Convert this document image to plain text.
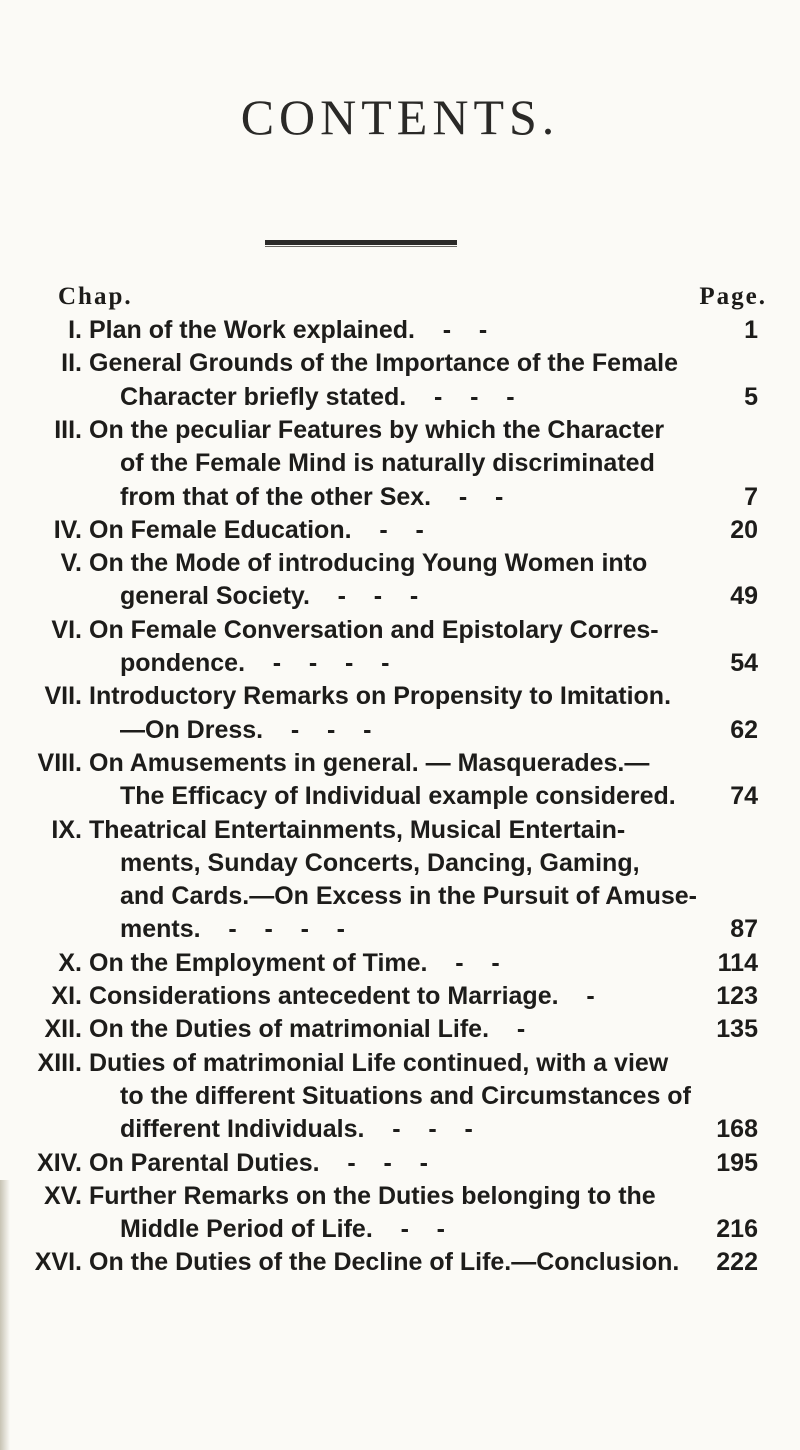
CONTENTS.
Chap.	Page.
I. Plan of the Work explained.    -    -	1
II. General Grounds of the Importance of the Female
Character briefly stated.    -    -    -	5
III. On the peculiar Features by which the Character
of the Female Mind is naturally discriminated
from that of the other Sex.    -    -	7
IV. On Female Education.    -    -	20
V. On the Mode of introducing Young Women into
general Society.    -    -    -	49
VI. On Female Conversation and Epistolary Corres-
pondence.    -    -    -    -	54
VII. Introductory Remarks on Propensity to Imitation.
—On Dress.    -    -    -	62
VIII. On Amusements in general. — Masquerades.—
The Efficacy of Individual example considered.	74
IX. Theatrical Entertainments, Musical Entertain-
ments, Sunday Concerts, Dancing, Gaming,
and Cards.—On Excess in the Pursuit of Amuse-
ments.    -    -    -    -	87
X. On the Employment of Time.    -    -	114
XI. Considerations antecedent to Marriage.    -	123
XII. On the Duties of matrimonial Life.    -	135
XIII. Duties of matrimonial Life continued, with a view
to the different Situations and Circumstances of
different Individuals.    -    -    -	168
XIV. On Parental Duties.    -    -    -	195
XV. Further Remarks on the Duties belonging to the
Middle Period of Life.    -    -	216
XVI. On the Duties of the Decline of Life.—Conclusion.	222
